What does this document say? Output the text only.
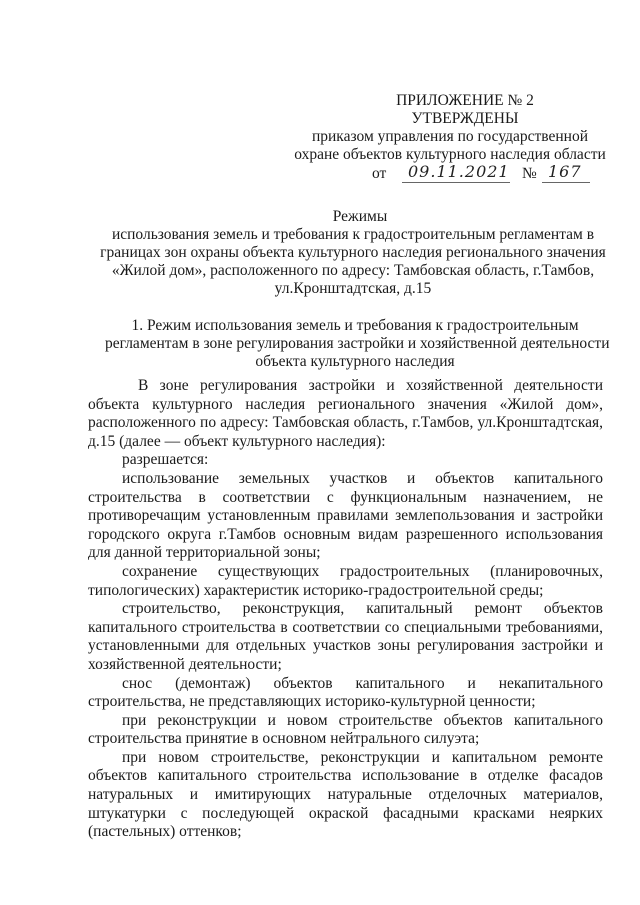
ПРИЛОЖЕНИЕ № 2
УТВЕРЖДЕНЫ
приказом управления по государственной
охране объектов культурного наследия области
от 09.11.2021 № 167
Режимы
использования земель и требования к градостроительным регламентам в
границах зон охраны объекта культурного наследия регионального значения
«Жилой дом», расположенного по адресу: Тамбовская область, г.Тамбов,
ул.Кронштадтская, д.15
1. Режим использования земель и требования к градостроительным
регламентам в зоне регулирования застройки и хозяйственной деятельности
объекта культурного наследия

В зоне регулирования застройки и хозяйственной деятельности объекта культурного наследия регионального значения «Жилой дом», расположенного по адресу: Тамбовская область, г.Тамбов, ул.Кронштадтская, д.15 (далее — объект культурного наследия):

разрешается:

использование земельных участков и объектов капитального строительства в соответствии с функциональным назначением, не противоречащим установленным правилами землепользования и застройки городского округа г.Тамбов основным видам разрешенного использования для данной территориальной зоны;

сохранение существующих градостроительных (планировочных, типологических) характеристик историко-градостроительной среды;

строительство, реконструкция, капитальный ремонт объектов капитального строительства в соответствии со специальными требованиями, установленными для отдельных участков зоны регулирования застройки и хозяйственной деятельности;

снос (демонтаж) объектов капитального и некапитального строительства, не представляющих историко-культурной ценности;

при реконструкции и новом строительстве объектов капитального строительства принятие в основном нейтрального силуэта;

при новом строительстве, реконструкции и капитальном ремонте объектов капитального строительства использование в отделке фасадов натуральных и имитирующих натуральные отделочных материалов, штукатурки с последующей окраской фасадными красками неярких (пастельных) оттенков;
